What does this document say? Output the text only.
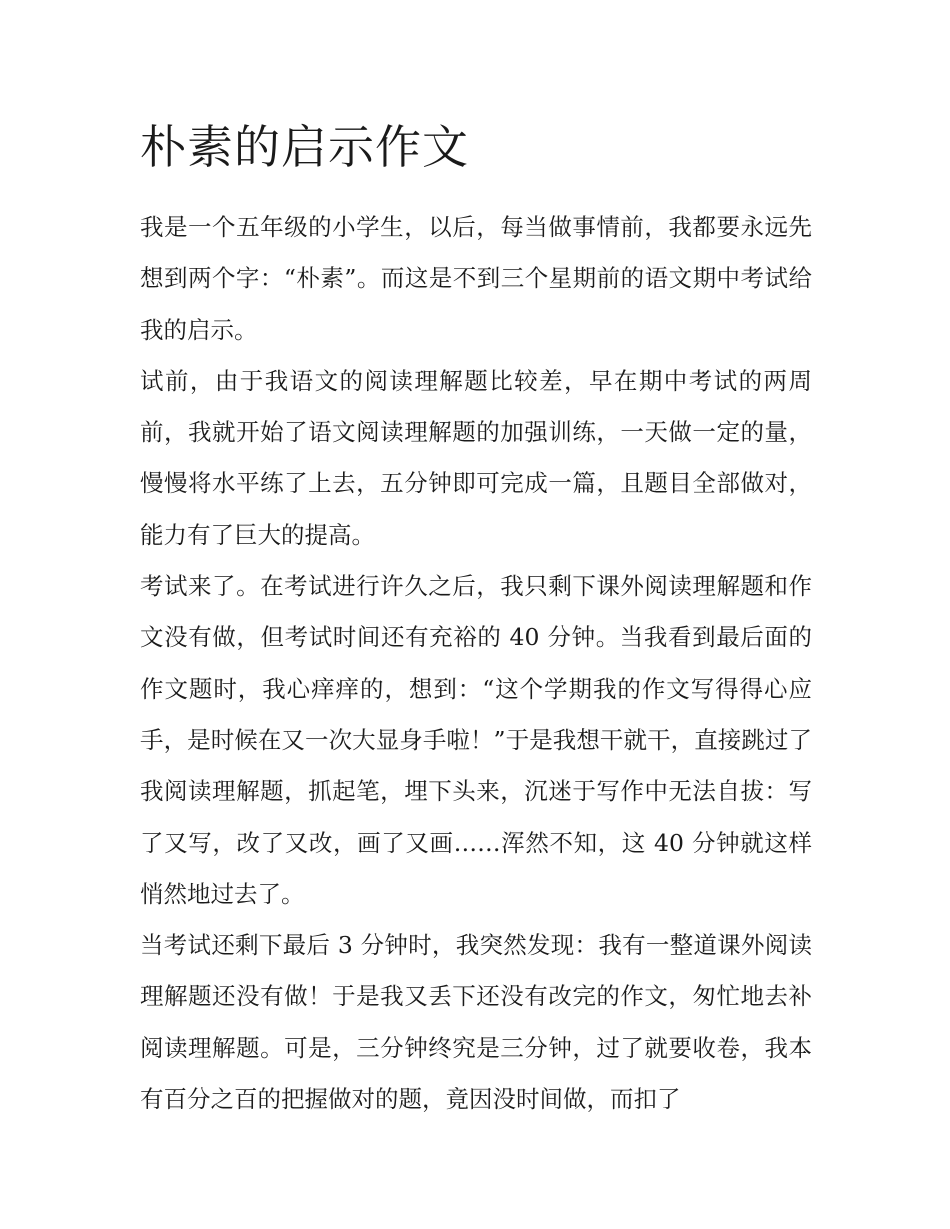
朴素的启示作文

我是一个五年级的小学生，以后，每当做事情前，我都要永远先想到两个字：“朴素”。而这是不到三个星期前的语文期中考试给我的启示。

试前，由于我语文的阅读理解题比较差，早在期中考试的两周前，我就开始了语文阅读理解题的加强训练，一天做一定的量，慢慢将水平练了上去，五分钟即可完成一篇，且题目全部做对，能力有了巨大的提高。

考试来了。在考试进行许久之后，我只剩下课外阅读理解题和作文没有做，但考试时间还有充裕的 40 分钟。当我看到最后面的作文题时，我心痒痒的，想到：“这个学期我的作文写得得心应手，是时候在又一次大显身手啦！”于是我想干就干，直接跳过了我阅读理解题，抓起笔，埋下头来，沉迷于写作中无法自拔：写了又写，改了又改，画了又画……浑然不知，这 40 分钟就这样悄然地过去了。

当考试还剩下最后 3 分钟时，我突然发现：我有一整道课外阅读理解题还没有做！于是我又丢下还没有改完的作文，匆忙地去补阅读理解题。可是，三分钟终究是三分钟，过了就要收卷，我本有百分之百的把握做对的题，竟因没时间做，而扣了
